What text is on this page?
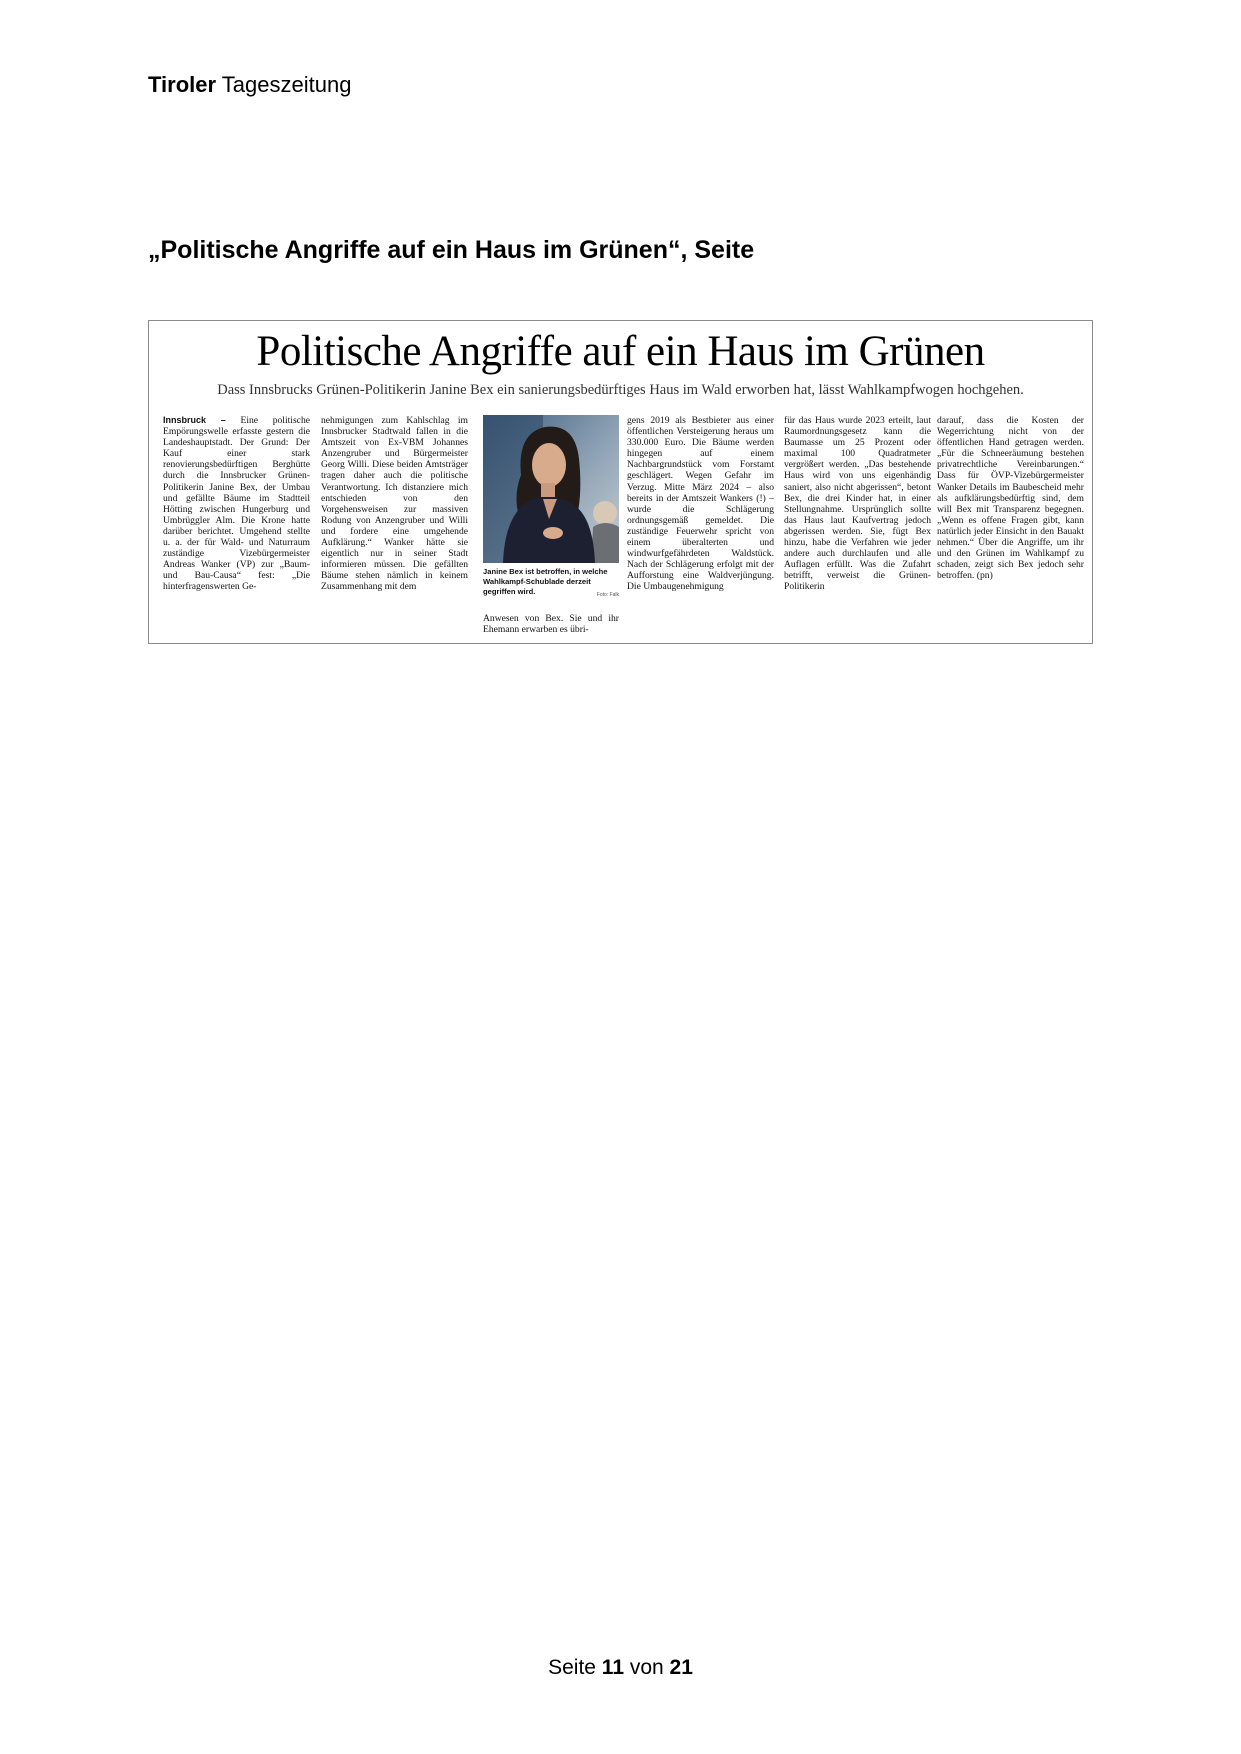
Tiroler Tageszeitung
„Politische Angriffe auf ein Haus im Grünen“, Seite
Politische Angriffe auf ein Haus im Grünen
Dass Innsbrucks Grünen-Politikerin Janine Bex ein sanierungsbedürftiges Haus im Wald erworben hat, lässt Wahlkampfwogen hochgehen.

Innsbruck – Eine politische Empörungswelle erfasste gestern die Landeshauptstadt. Der Grund: Der Kauf einer stark renovierungsbedürftigen Berghütte durch die Innsbrucker Grünen-Politikerin Janine Bex, der Umbau und gefällte Bäume im Stadtteil Hötting zwischen Hungerburg und Umbrüggler Alm. Die Krone hatte darüber berichtet. Umgehend stellte u. a. der für Wald- und Naturraum zuständige Vizebürgermeister Andreas Wanker (VP) zur „Baum- und Bau-Causa“ fest: „Die hinterfragenswerten Ge-

nehmigungen zum Kahlschlag im Innsbrucker Stadtwald fallen in die Amtszeit von Ex-VBM Johannes Anzengruber und Bürgermeister Georg Willi. Diese beiden Amtsträger tragen daher auch die politische Verantwortung. Ich distanziere mich entschieden von den Vorgehensweisen zur massiven Rodung von Anzengruber und Willi und fordere eine umgehende Aufklärung.“ Wanker hätte sie eigentlich nur in seiner Stadt informieren müssen. Die gefällten Bäume stehen nämlich in keinem Zusammenhang mit dem

Janine Bex ist betroffen, in welche Wahlkampf-Schublade derzeit gegriffen wird.	Foto: Falk

Anwesen von Bex. Sie und ihr Ehemann erwarben es übri-

gens 2019 als Bestbieter aus einer öffentlichen Versteigerung heraus um 330.000 Euro. Die Bäume werden hingegen auf einem Nachbargrundstück vom Forstamt geschlägert. Wegen Gefahr im Verzug. Mitte März 2024 – also bereits in der Amtszeit Wankers (!) – wurde die Schlägerung ordnungsgemäß gemeldet. Die zuständige Feuerwehr spricht von einem überalterten und windwurfgefährdeten Waldstück. Nach der Schlägerung erfolgt mit der Aufforstung eine Waldverjüngung. Die Umbaugenehmigung

für das Haus wurde 2023 erteilt, laut Raumordnungsgesetz kann die Baumasse um 25 Prozent oder maximal 100 Quadratmeter vergrößert werden. „Das bestehende Haus wird von uns eigenhändig saniert, also nicht abgerissen“, betont Bex, die drei Kinder hat, in einer Stellungnahme. Ursprünglich sollte das Haus laut Kaufvertrag jedoch abgerissen werden. Sie, fügt Bex hinzu, habe die Verfahren wie jeder andere auch durchlaufen und alle Auflagen erfüllt. Was die Zufahrt betrifft, verweist die Grünen-Politikerin

darauf, dass die Kosten der Wegerrichtung nicht von der öffentlichen Hand getragen werden. „Für die Schneeräumung bestehen privatrechtliche Vereinbarungen.“ Dass für ÖVP-Vizebürgermeister Wanker Details im Baubescheid mehr als aufklärungsbedürftig sind, dem will Bex mit Transparenz begegnen. „Wenn es offene Fragen gibt, kann natürlich jeder Einsicht in den Bauakt nehmen.“ Über die Angriffe, um ihr und den Grünen im Wahlkampf zu schaden, zeigt sich Bex jedoch sehr betroffen. (pn)

Seite 11 von 21
